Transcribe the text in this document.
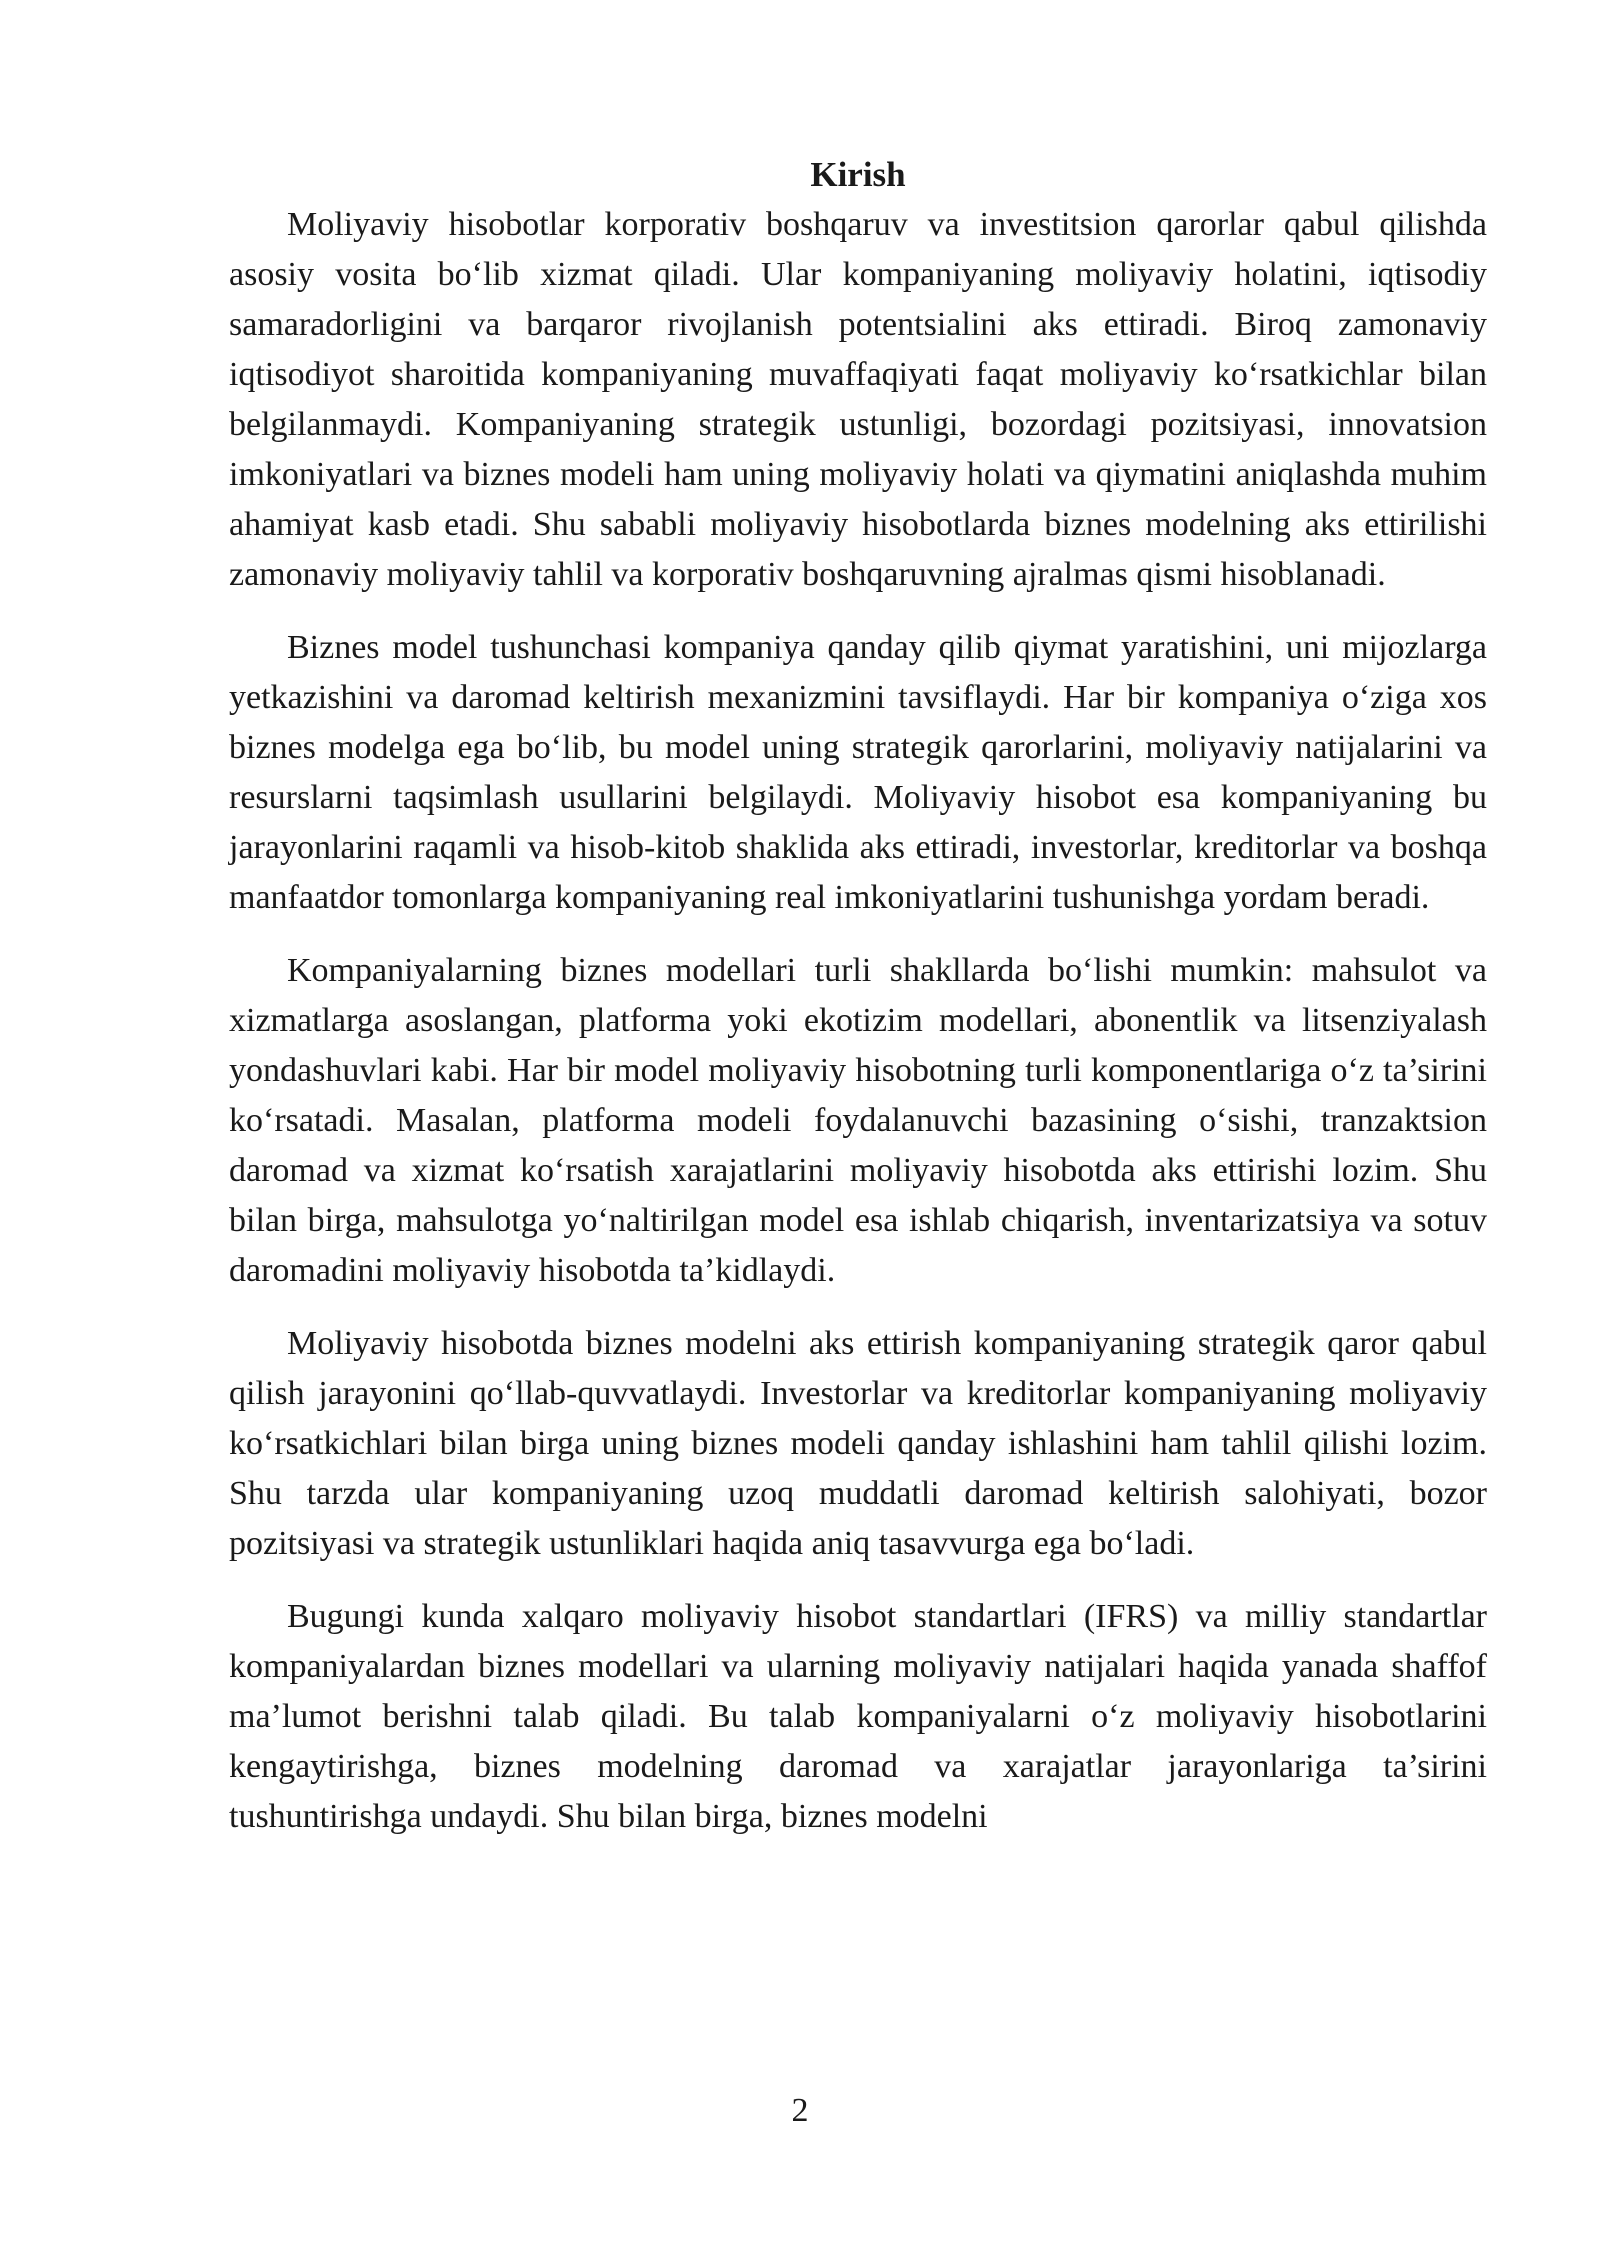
Kirish

Moliyaviy hisobotlar korporativ boshqaruv va investitsion qarorlar qabul qilishda asosiy vosita bo‘lib xizmat qiladi. Ular kompaniyaning moliyaviy holatini, iqtisodiy samaradorligini va barqaror rivojlanish potentsialini aks ettiradi. Biroq zamonaviy iqtisodiyot sharoitida kompaniyaning muvaffaqiyati faqat moliyaviy ko‘rsatkichlar bilan belgilanmaydi. Kompaniyaning strategik ustunligi, bozordagi pozitsiyasi, innovatsion imkoniyatlari va biznes modeli ham uning moliyaviy holati va qiymatini aniqlashda muhim ahamiyat kasb etadi. Shu sababli moliyaviy hisobotlarda biznes modelning aks ettirilishi zamonaviy moliyaviy tahlil va korporativ boshqaruvning ajralmas qismi hisoblanadi.

Biznes model tushunchasi kompaniya qanday qilib qiymat yaratishini, uni mijozlarga yetkazishini va daromad keltirish mexanizmini tavsiflaydi. Har bir kompaniya o‘ziga xos biznes modelga ega bo‘lib, bu model uning strategik qarorlarini, moliyaviy natijalarini va resurslarni taqsimlash usullarini belgilaydi. Moliyaviy hisobot esa kompaniyaning bu jarayonlarini raqamli va hisob-kitob shaklida aks ettiradi, investorlar, kreditorlar va boshqa manfaatdor tomonlarga kompaniyaning real imkoniyatlarini tushunishga yordam beradi.

Kompaniyalarning biznes modellari turli shakllarda bo‘lishi mumkin: mahsulot va xizmatlarga asoslangan, platforma yoki ekotizim modellari, abonentlik va litsenziyalash yondashuvlari kabi. Har bir model moliyaviy hisobotning turli komponentlariga o‘z ta’sirini ko‘rsatadi. Masalan, platforma modeli foydalanuvchi bazasining o‘sishi, tranzaktsion daromad va xizmat ko‘rsatish xarajatlarini moliyaviy hisobotda aks ettirishi lozim. Shu bilan birga, mahsulotga yo‘naltirilgan model esa ishlab chiqarish, inventarizatsiya va sotuv daromadini moliyaviy hisobotda ta’kidlaydi.

Moliyaviy hisobotda biznes modelni aks ettirish kompaniyaning strategik qaror qabul qilish jarayonini qo‘llab-quvvatlaydi. Investorlar va kreditorlar kompaniyaning moliyaviy ko‘rsatkichlari bilan birga uning biznes modeli qanday ishlashini ham tahlil qilishi lozim. Shu tarzda ular kompaniyaning uzoq muddatli daromad keltirish salohiyati, bozor pozitsiyasi va strategik ustunliklari haqida aniq tasavvurga ega bo‘ladi.

Bugungi kunda xalqaro moliyaviy hisobot standartlari (IFRS) va milliy standartlar kompaniyalardan biznes modellari va ularning moliyaviy natijalari haqida yanada shaffof ma’lumot berishni talab qiladi. Bu talab kompaniyalarni o‘z moliyaviy hisobotlarini kengaytirishga, biznes modelning daromad va xarajatlar jarayonlariga ta’sirini tushuntirishga undaydi. Shu bilan birga, biznes modelni

2
